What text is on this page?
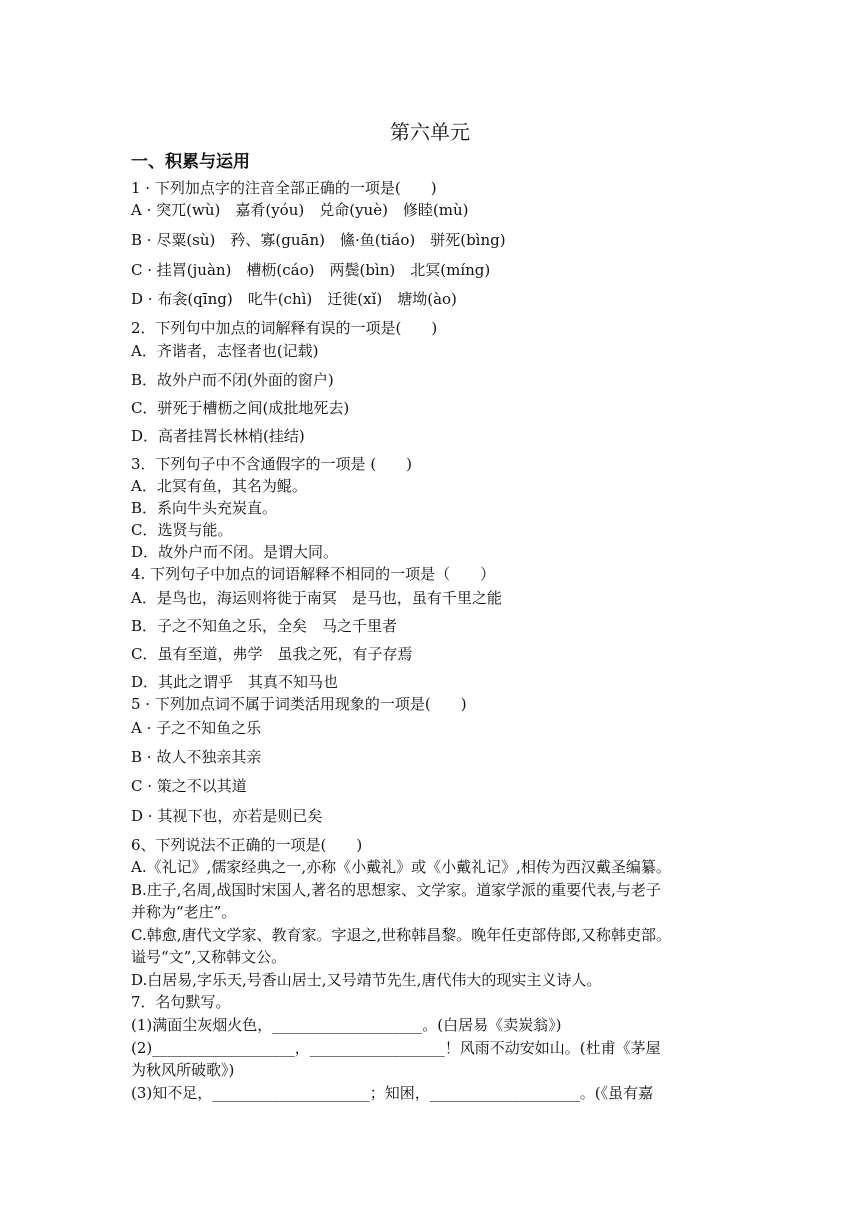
第六单元
一、积累与运用
1 · 下列加点字的注音全部正确的一项是(　　)
A · 突兀(wù)　嘉肴(yóu)　兑命(yuè)　修睦(mù)
B · 尽粟(sù)　矜、寡(guān)　鯈·鱼(tiáo)　骈死(bìng)
C · 挂罥(juàn)　槽枥(cáo)　两鬓(bìn)　北冥(míng)
D · 布衾(qīng)　叱牛(chì)　迁徙(xǐ)　塘坳(ào)
2．下列句中加点的词解释有误的一项是(　　)
A．齐谐者，志怪者也(记载)
B．故外户而不闭(外面的窗户)
C．骈死于槽枥之间(成批地死去)
D．高者挂罥长林梢(挂结)
3．下列句子中不含通假字的一项是 (　　)
A．北冥有鱼，其名为鲲。
B．系向牛头充炭直。
C．选贤与能。
D．故外户而不闭。是谓大同。
4. 下列句子中加点的词语解释不相同的一项是（　　）
A．是鸟也，海运则将徙于南冥　是马也，虽有千里之能
B．子之不知鱼之乐，全矣　马之千里者
C．虽有至道，弗学　虽我之死，有子存焉
D．其此之谓乎　其真不知马也
5 · 下列加点词不属于词类活用现象的一项是(　　)
A · 子之不知鱼之乐
B · 故人不独亲其亲
C · 策之不以其道
D · 其视下也，亦若是则已矣
6、下列说法不正确的一项是(　　)
A.《礼记》,儒家经典之一,亦称《小戴礼》或《小戴礼记》,相传为西汉戴圣编纂。
B.庄子,名周,战国时宋国人,著名的思想家、文学家。道家学派的重要代表,与老子
并称为“老庄”。
C.韩愈,唐代文学家、教育家。字退之,世称韩昌黎。晚年任吏部侍郎,又称韩吏部。
谥号“文”,又称韩文公。
D.白居易,字乐天,号香山居士,又号靖节先生,唐代伟大的现实主义诗人。
7．名句默写。
(1)满面尘灰烟火色，____________________。(白居易《卖炭翁》)
(2)___________________，__________________！风雨不动安如山。(杜甫《茅屋
为秋风所破歌》)
(3)知不足，_____________________；知困，____________________。(《虽有嘉
